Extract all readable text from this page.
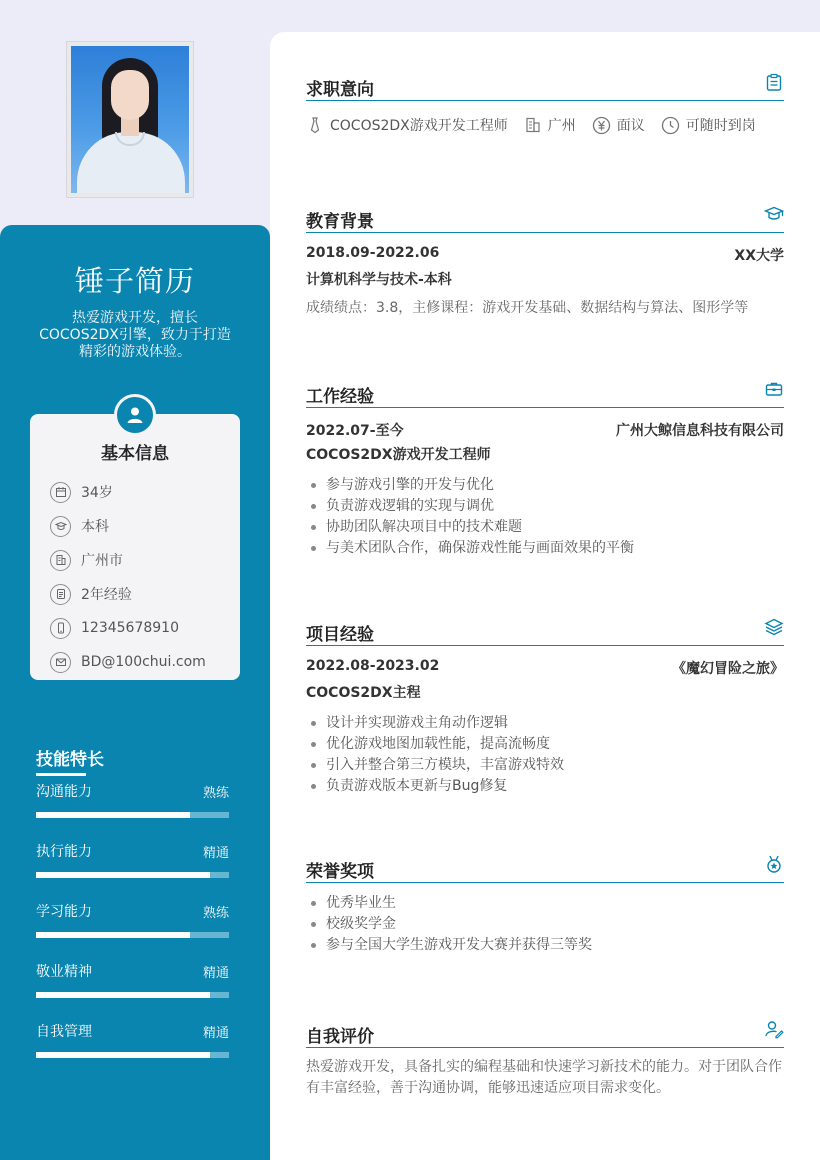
锤子简历

热爱游戏开发，擅长COCOS2DX引擎，致力于打造精彩的游戏体验。

基本信息
34岁
本科
广州市
2年经验
12345678910
BD@100chui.com
技能特长
沟通能力	熟练
执行能力	精通
学习能力	熟练
敬业精神	精通
自我管理	精通
求职意向
COCOS2DX游戏开发工程师	广州	面议	可随时到岗
教育背景
2018.09-2022.06	XX大学
计算机科学与技术-本科

成绩绩点：3.8，主修课程：游戏开发基础、数据结构与算法、图形学等

工作经验
2022.07-至今	广州大鲸信息科技有限公司
COCOS2DX游戏开发工程师
参与游戏引擎的开发与优化
负责游戏逻辑的实现与调优
协助团队解决项目中的技术难题
与美术团队合作，确保游戏性能与画面效果的平衡
项目经验
2022.08-2023.02	《魔幻冒险之旅》
COCOS2DX主程
设计并实现游戏主角动作逻辑
优化游戏地图加载性能，提高流畅度
引入并整合第三方模块，丰富游戏特效
负责游戏版本更新与Bug修复
荣誉奖项
优秀毕业生
校级奖学金
参与全国大学生游戏开发大赛并获得三等奖
自我评价

热爱游戏开发，具备扎实的编程基础和快速学习新技术的能力。对于团队合作有丰富经验，善于沟通协调，能够迅速适应项目需求变化。
